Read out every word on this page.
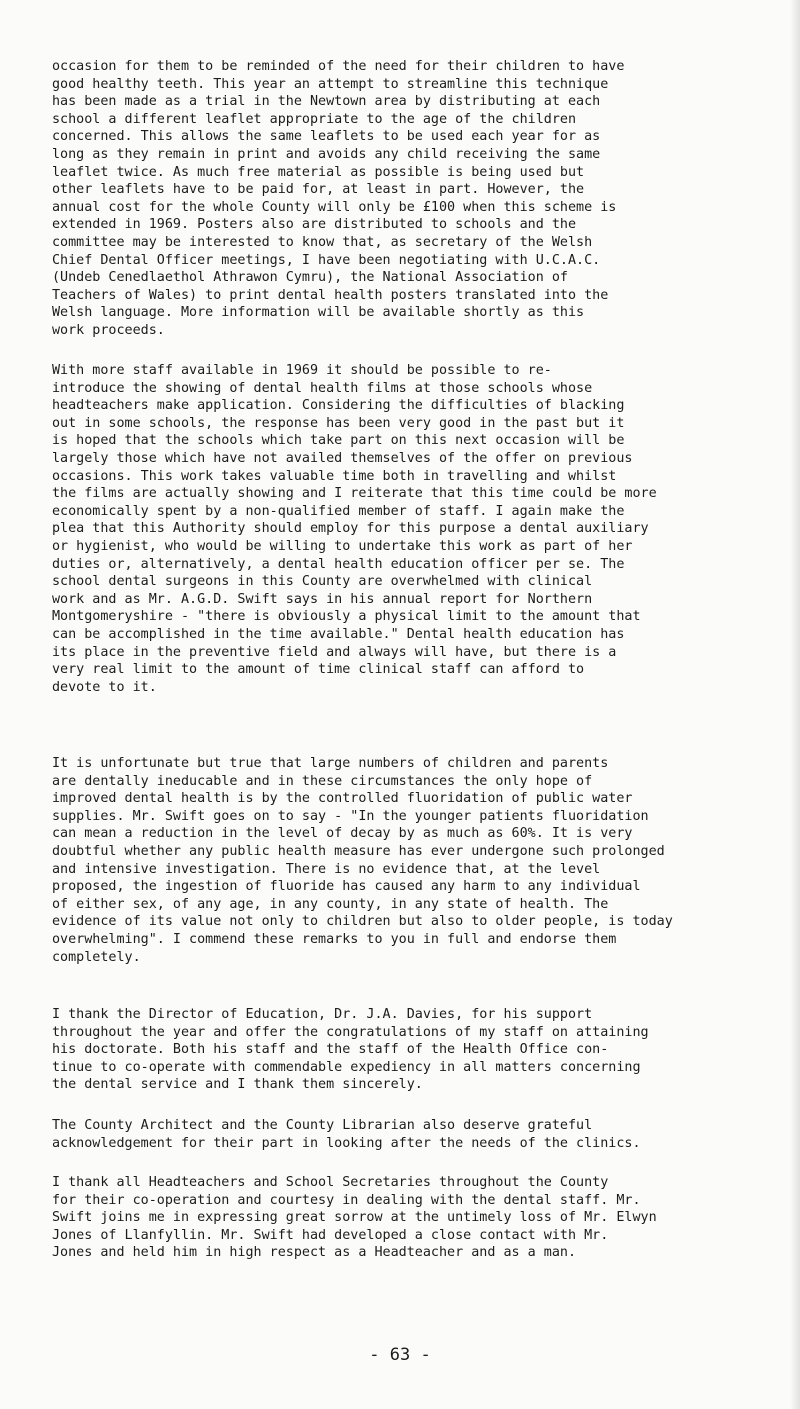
occasion for them to be reminded of the need for their children to have
good healthy teeth. This year an attempt to streamline this technique
has been made as a trial in the Newtown area by distributing at each
school a different leaflet appropriate to the age of the children
concerned. This allows the same leaflets to be used each year for as
long as they remain in print and avoids any child receiving the same
leaflet twice. As much free material as possible is being used but
other leaflets have to be paid for, at least in part. However, the
annual cost for the whole County will only be £100 when this scheme is
extended in 1969. Posters also are distributed to schools and the
committee may be interested to know that, as secretary of the Welsh
Chief Dental Officer meetings, I have been negotiating with U.C.A.C.
(Undeb Cenedlaethol Athrawon Cymru), the National Association of
Teachers of Wales) to print dental health posters translated into the
Welsh language. More information will be available shortly as this
work proceeds.

With more staff available in 1969 it should be possible to re-
introduce the showing of dental health films at those schools whose
headteachers make application. Considering the difficulties of blacking
out in some schools, the response has been very good in the past but it
is hoped that the schools which take part on this next occasion will be
largely those which have not availed themselves of the offer on previous
occasions. This work takes valuable time both in travelling and whilst
the films are actually showing and I reiterate that this time could be more
economically spent by a non-qualified member of staff. I again make the
plea that this Authority should employ for this purpose a dental auxiliary
or hygienist, who would be willing to undertake this work as part of her
duties or, alternatively, a dental health education officer per se. The
school dental surgeons in this County are overwhelmed with clinical
work and as Mr. A.G.D. Swift says in his annual report for Northern
Montgomeryshire - "there is obviously a physical limit to the amount that
can be accomplished in the time available." Dental health education has
its place in the preventive field and always will have, but there is a
very real limit to the amount of time clinical staff can afford to
devote to it.

It is unfortunate but true that large numbers of children and parents
are dentally ineducable and in these circumstances the only hope of
improved dental health is by the controlled fluoridation of public water
supplies. Mr. Swift goes on to say - "In the younger patients fluoridation
can mean a reduction in the level of decay by as much as 60%. It is very
doubtful whether any public health measure has ever undergone such prolonged
and intensive investigation. There is no evidence that, at the level
proposed, the ingestion of fluoride has caused any harm to any individual
of either sex, of any age, in any county, in any state of health. The
evidence of its value not only to children but also to older people, is today
overwhelming". I commend these remarks to you in full and endorse them
completely.

I thank the Director of Education, Dr. J.A. Davies, for his support
throughout the year and offer the congratulations of my staff on attaining
his doctorate. Both his staff and the staff of the Health Office con-
tinue to co-operate with commendable expediency in all matters concerning
the dental service and I thank them sincerely.

The County Architect and the County Librarian also deserve grateful
acknowledgement for their part in looking after the needs of the clinics.

I thank all Headteachers and School Secretaries throughout the County
for their co-operation and courtesy in dealing with the dental staff. Mr.
Swift joins me in expressing great sorrow at the untimely loss of Mr. Elwyn
Jones of Llanfyllin. Mr. Swift had developed a close contact with Mr.
Jones and held him in high respect as a Headteacher and as a man.

- 63 -
